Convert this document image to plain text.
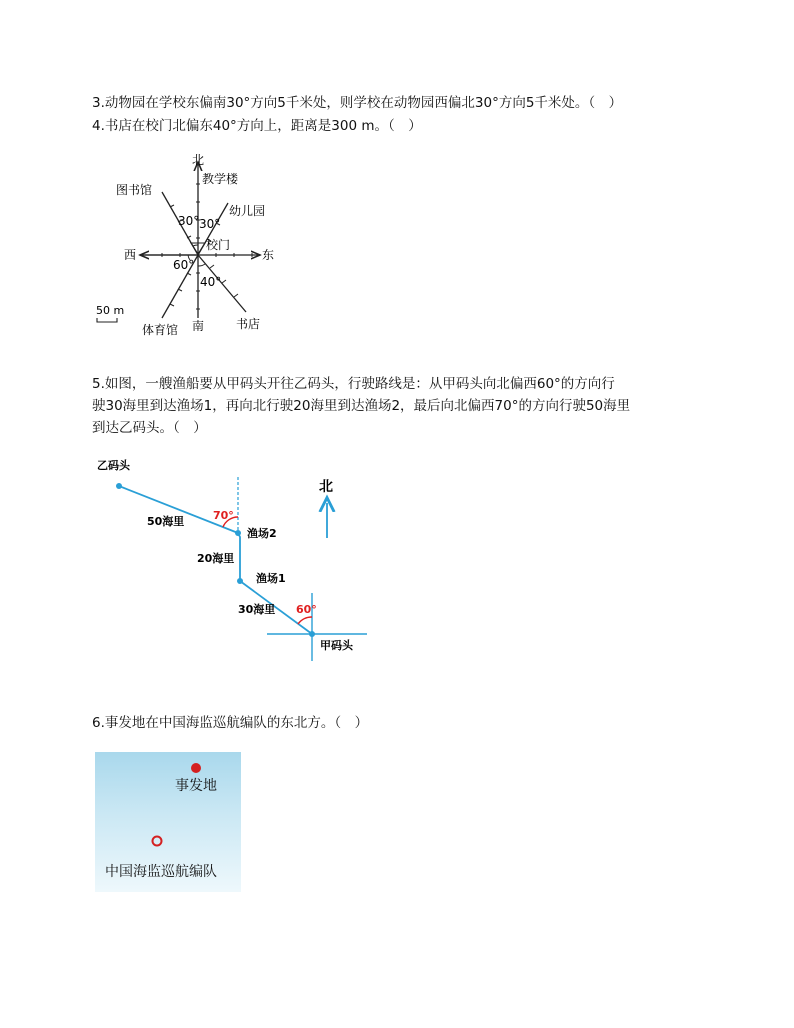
3.动物园在学校东偏南30°方向5千米处，则学校在动物园西偏北30°方向5千米处。（　）
4.书店在校门北偏东40°方向上，距离是300 m。（　）
北
教学楼
图书馆
30° 30°
幼儿园
校门
西	东
60°
40°
50 m
南
体育馆	书店
5.如图，一艘渔船要从甲码头开往乙码头，行驶路线是：从甲码头向北偏西60°的方向行
驶30海里到达渔场1，再向北行驶20海里到达渔场2，最后向北偏西70°的方向行驶50海里
到达乙码头。（　）
乙码头
70°
50海里
渔场2
20海里
渔场1
30海里 60°
甲码头
北
6.事发地在中国海监巡航编队的东北方。（　）
事发地
中国海监巡航编队
